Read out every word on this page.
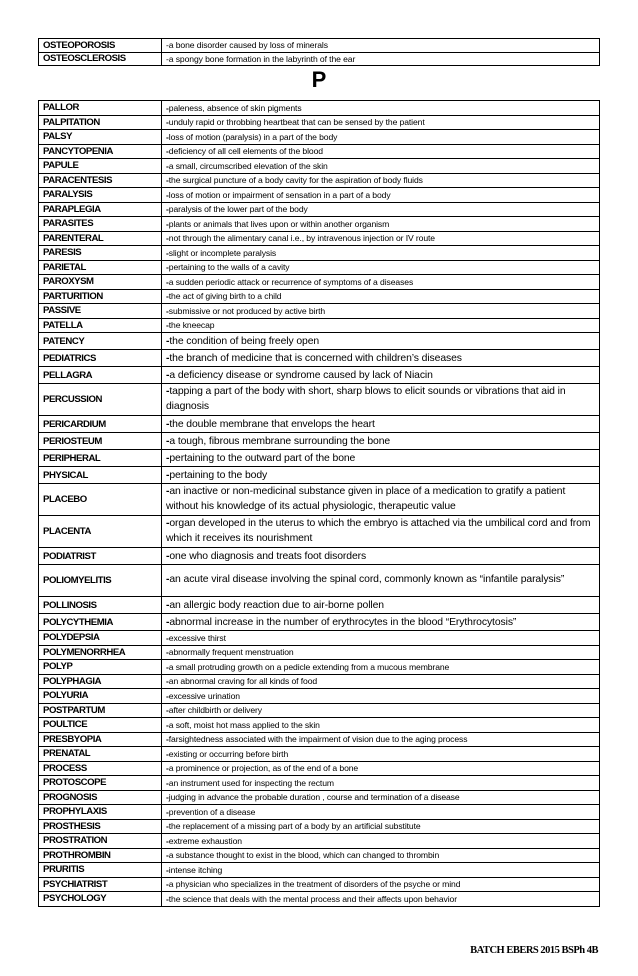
OSTEOPOROSIS	-a bone disorder caused by loss of minerals
OSTEOSCLEROSIS	-a spongy bone formation in the labyrinth of the ear
P
PALLOR	-paleness, absence of skin pigments
PALPITATION	-unduly rapid or throbbing heartbeat that can be sensed by the patient
PALSY	-loss of motion (paralysis) in a part of the body
PANCYTOPENIA	-deficiency of all cell elements of the blood
PAPULE	-a small, circumscribed elevation of the skin
PARACENTESIS	-the surgical puncture of a body cavity for the aspiration of body fluids
PARALYSIS	-loss of motion or impairment of sensation in a part of a body
PARAPLEGIA	-paralysis of the lower part of the body
PARASITES	-plants or animals that lives upon or within another organism
PARENTERAL	-not through the alimentary canal i.e., by intravenous injection or IV route
PARESIS	-slight or incomplete paralysis
PARIETAL	-pertaining to the walls of a cavity
PAROXYSM	-a sudden periodic attack or recurrence of symptoms of a diseases
PARTURITION	-the act of giving birth to a child
PASSIVE	-submissive or not produced by active birth
PATELLA	-the kneecap
PATENCY	-the condition of being freely open
PEDIATRICS	-the branch of medicine that is concerned with children’s diseases
PELLAGRA	-a deficiency disease or syndrome caused by lack of Niacin
PERCUSSION	-tapping a part of the body with short, sharp blows to elicit sounds or vibrations that aid in diagnosis
PERICARDIUM	-the double membrane that envelops the heart
PERIOSTEUM	-a tough, fibrous membrane surrounding the bone
PERIPHERAL	-pertaining to the outward part of the bone
PHYSICAL	-pertaining to the body
PLACEBO	-an inactive or non-medicinal substance given in place of a medication to gratify a patient without his knowledge of its actual physiologic, therapeutic value
PLACENTA	-organ developed in the uterus to which the embryo is attached via the umbilical cord and from which it receives its nourishment
PODIATRIST	-one who diagnosis and treats foot disorders
POLIOMYELITIS	-an acute viral disease involving the spinal cord, commonly known as “infantile paralysis”
POLLINOSIS	-an allergic body reaction due to air-borne pollen
POLYCYTHEMIA	-abnormal increase in the number of erythrocytes in the blood “Erythrocytosis”
POLYDEPSIA	-excessive thirst
POLYMENORRHEA	-abnormally frequent menstruation
POLYP	-a small protruding growth on a pedicle extending from a mucous membrane
POLYPHAGIA	-an abnormal craving for all kinds of food
POLYURIA	-excessive urination
POSTPARTUM	-after childbirth or delivery
POULTICE	-a soft, moist hot mass applied to the skin
PRESBYOPIA	-farsightedness associated with the impairment of vision due to the aging process
PRENATAL	-existing or occurring before birth
PROCESS	-a prominence or projection, as of the end of a bone
PROTOSCOPE	-an instrument used for inspecting the rectum
PROGNOSIS	-judging in advance the probable duration , course and termination of a disease
PROPHYLAXIS	-prevention of a disease
PROSTHESIS	-the replacement of a missing part of a body by an artificial substitute
PROSTRATION	-extreme exhaustion
PROTHROMBIN	-a substance thought to exist in the blood, which can changed to thrombin
PRURITIS	-intense itching
PSYCHIATRIST	-a physician who specializes in the treatment of disorders of the psyche or mind
PSYCHOLOGY	-the science that deals with the mental process and their affects upon behavior
BATCH EBERS 2015 BSPh 4B
